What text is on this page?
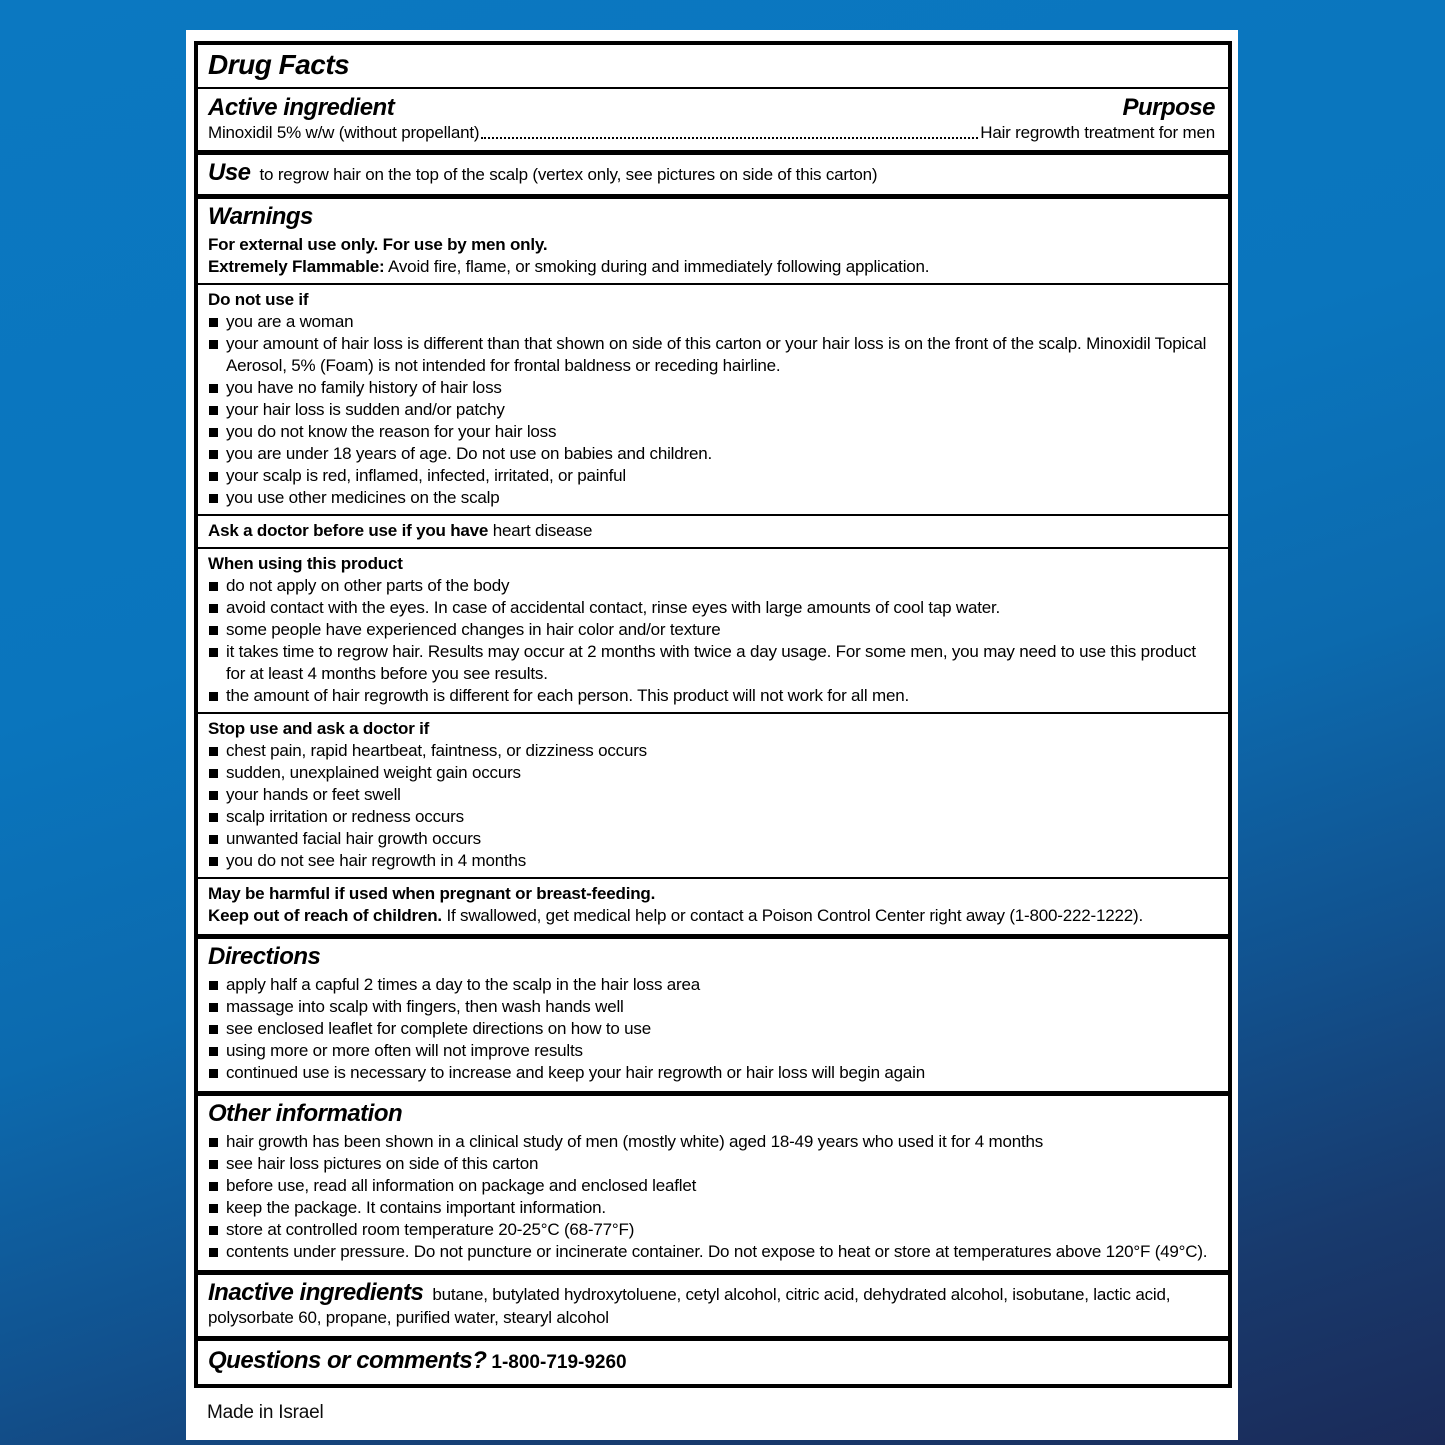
Drug Facts
Active ingredient	Purpose
Minoxidil 5% w/w (without propellant)	Hair regrowth treatment for men
Use to regrow hair on the top of the scalp (vertex only, see pictures on side of this carton)
Warnings

For external use only. For use by men only.

Extremely Flammable: Avoid fire, flame, or smoking during and immediately following application.

Do not use if

you are a woman
your amount of hair loss is different than that shown on side of this carton or your hair loss is on the front of the scalp. Minoxidil Topical Aerosol, 5% (Foam) is not intended for frontal baldness or receding hairline.
you have no family history of hair loss
your hair loss is sudden and/or patchy
you do not know the reason for your hair loss
you are under 18 years of age. Do not use on babies and children.
your scalp is red, inflamed, infected, irritated, or painful
you use other medicines on the scalp

Ask a doctor before use if you have heart disease

When using this product

do not apply on other parts of the body
avoid contact with the eyes. In case of accidental contact, rinse eyes with large amounts of cool tap water.
some people have experienced changes in hair color and/or texture
it takes time to regrow hair. Results may occur at 2 months with twice a day usage. For some men, you may need to use this product for at least 4 months before you see results.
the amount of hair regrowth is different for each person. This product will not work for all men.

Stop use and ask a doctor if

chest pain, rapid heartbeat, faintness, or dizziness occurs
sudden, unexplained weight gain occurs
your hands or feet swell
scalp irritation or redness occurs
unwanted facial hair growth occurs
you do not see hair regrowth in 4 months

May be harmful if used when pregnant or breast-feeding.

Keep out of reach of children. If swallowed, get medical help or contact a Poison Control Center right away (1-800-222-1222).

Directions
apply half a capful 2 times a day to the scalp in the hair loss area
massage into scalp with fingers, then wash hands well
see enclosed leaflet for complete directions on how to use
using more or more often will not improve results
continued use is necessary to increase and keep your hair regrowth or hair loss will begin again
Other information
hair growth has been shown in a clinical study of men (mostly white) aged 18-49 years who used it for 4 months
see hair loss pictures on side of this carton
before use, read all information on package and enclosed leaflet
keep the package. It contains important information.
store at controlled room temperature 20-25°C (68-77°F)
contents under pressure. Do not puncture or incinerate container. Do not expose to heat or store at temperatures above 120°F (49°C).

Inactive ingredients butane, butylated hydroxytoluene, cetyl alcohol, citric acid, dehydrated alcohol, isobutane, lactic acid, polysorbate 60, propane, purified water, stearyl alcohol

Questions or comments? 1-800-719-9260
Made in Israel
